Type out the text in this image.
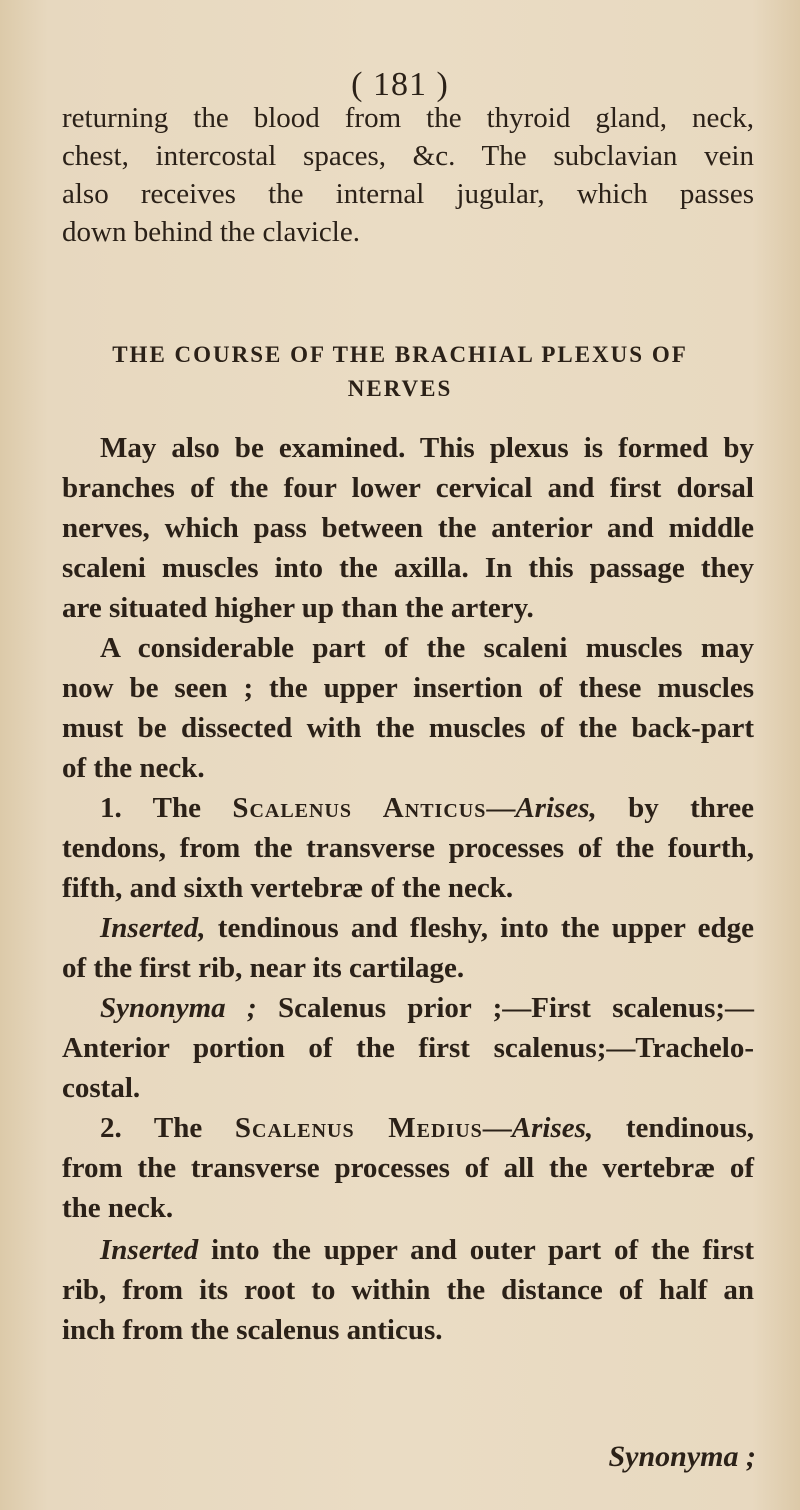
( 181 )
returning the blood from the thyroid gland, neck,
chest, intercostal spaces, &c. The subclavian vein
also receives the internal jugular, which passes
down behind the clavicle.
THE COURSE OF THE BRACHIAL PLEXUS OF
NERVES
May also be examined. This plexus is formed by
branches of the four lower cervical and first dorsal
nerves, which pass between the anterior and middle
scaleni muscles into the axilla. In this passage they
are situated higher up than the artery.
A considerable part of the scaleni muscles may
now be seen ; the upper insertion of these muscles
must be dissected with the muscles of the back-part
of the neck.
1. The Scalenus Anticus—Arises, by three
tendons, from the transverse processes of the fourth,
fifth, and sixth vertebræ of the neck.
Inserted, tendinous and fleshy, into the upper edge
of the first rib, near its cartilage.
Synonyma ; Scalenus prior ;—First scalenus;—
Anterior portion of the first scalenus;—Trachelo-
costal.
2. The Scalenus Medius—Arises, tendinous,
from the transverse processes of all the vertebræ of
the neck.
Inserted into the upper and outer part of the first
rib, from its root to within the distance of half an
inch from the scalenus anticus.
Synonyma ;
